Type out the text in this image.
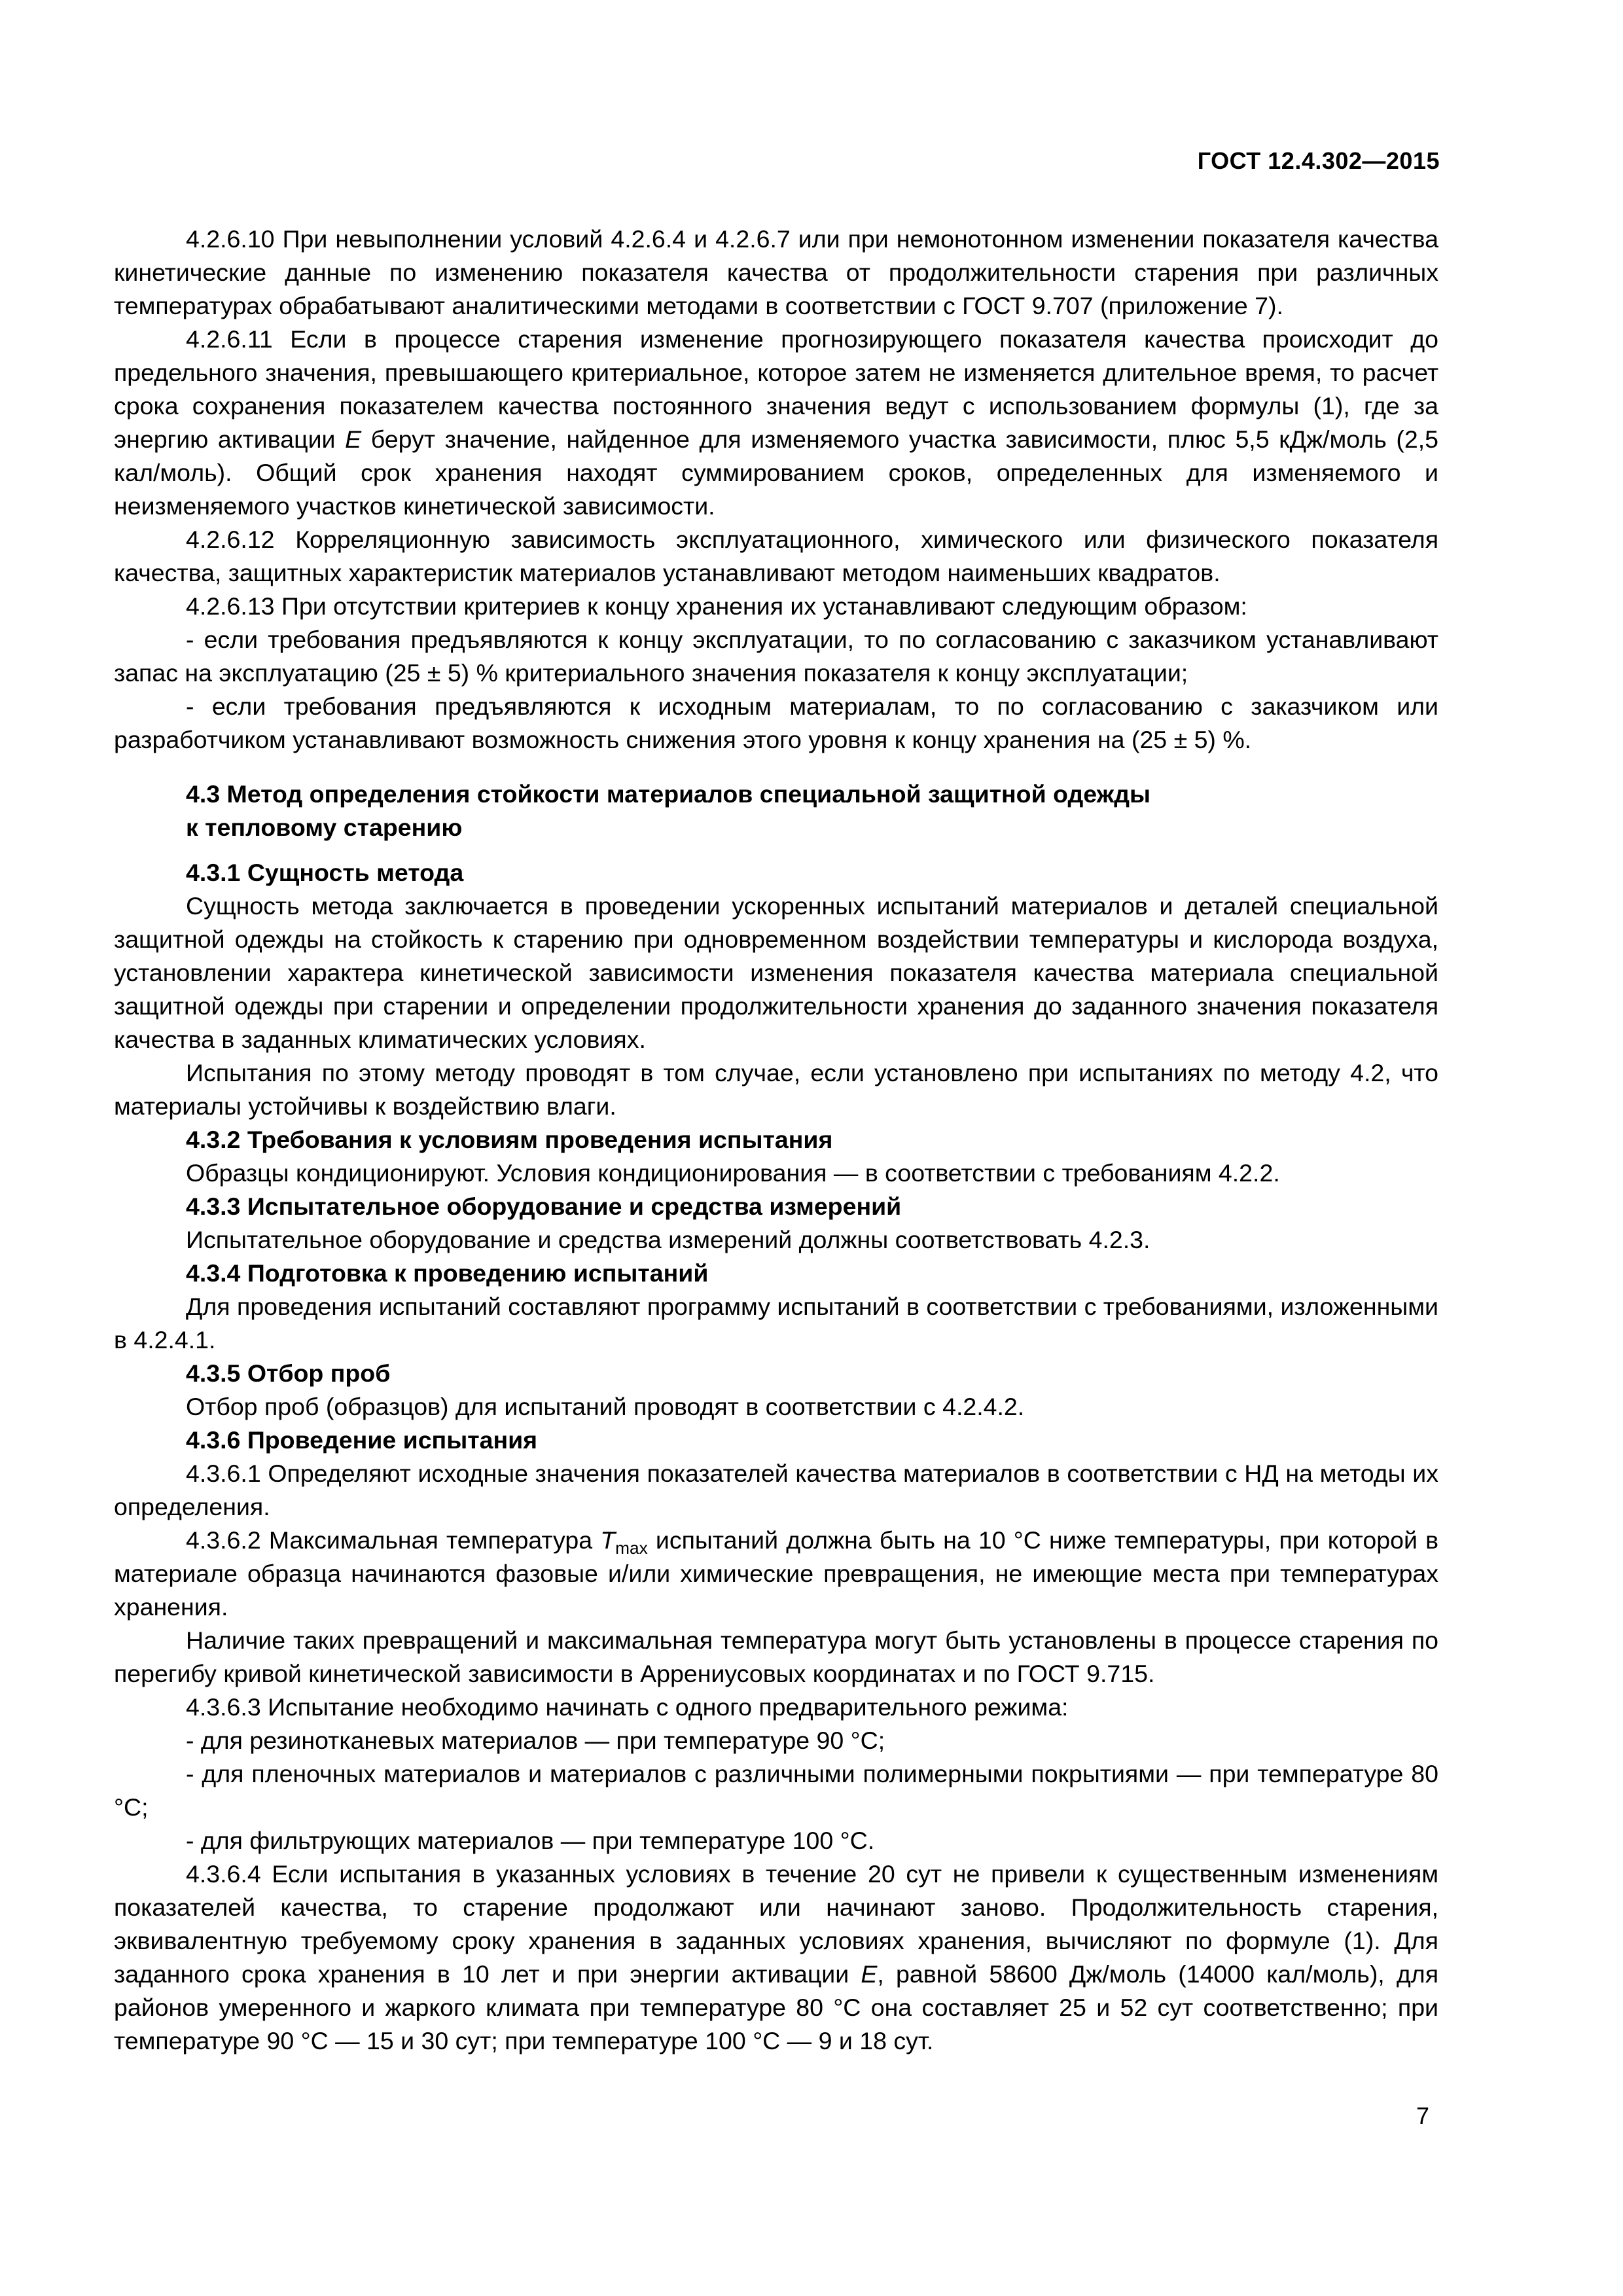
ГОСТ 12.4.302—2015

4.2.6.10 При невыполнении условий 4.2.6.4 и 4.2.6.7 или при немонотонном изменении показателя качества кинетические данные по изменению показателя качества от продолжительности старения при различных температурах обрабатывают аналитическими методами в соответствии с ГОСТ 9.707 (приложение 7).

4.2.6.11 Если в процессе старения изменение прогнозирующего показателя качества происходит до предельного значения, превышающего критериальное, которое затем не изменяется длительное время, то расчет срока сохранения показателем качества постоянного значения ведут с использованием формулы (1), где за энергию активации E берут значение, найденное для изменяемого участка зависимости, плюс 5,5 кДж/моль (2,5 кал/моль). Общий срок хранения находят суммированием сроков, определенных для изменяемого и неизменяемого участков кинетической зависимости.

4.2.6.12 Корреляционную зависимость эксплуатационного, химического или физического показателя качества, защитных характеристик материалов устанавливают методом наименьших квадратов.

4.2.6.13 При отсутствии критериев к концу хранения их устанавливают следующим образом:

- если требования предъявляются к концу эксплуатации, то по согласованию с заказчиком устанавливают запас на эксплуатацию (25 ± 5) % критериального значения показателя к концу эксплуатации;

- если требования предъявляются к исходным материалам, то по согласованию с заказчиком или разработчиком устанавливают возможность снижения этого уровня к концу хранения на (25 ± 5) %.

4.3 Метод определения стойкости материалов специальной защитной одежды
к тепловому старению
4.3.1 Сущность метода

Сущность метода заключается в проведении ускоренных испытаний материалов и деталей специальной защитной одежды на стойкость к старению при одновременном воздействии температуры и кислорода воздуха, установлении характера кинетической зависимости изменения показателя качества материала специальной защитной одежды при старении и определении продолжительности хранения до заданного значения показателя качества в заданных климатических условиях.

Испытания по этому методу проводят в том случае, если установлено при испытаниях по методу 4.2, что материалы устойчивы к воздействию влаги.

4.3.2 Требования к условиям проведения испытания

Образцы кондиционируют. Условия кондиционирования — в соответствии с требованиям 4.2.2.

4.3.3 Испытательное оборудование и средства измерений

Испытательное оборудование и средства измерений должны соответствовать 4.2.3.

4.3.4 Подготовка к проведению испытаний

Для проведения испытаний составляют программу испытаний в соответствии с требованиями, изложенными в 4.2.4.1.

4.3.5 Отбор проб

Отбор проб (образцов) для испытаний проводят в соответствии с 4.2.4.2.

4.3.6 Проведение испытания

4.3.6.1 Определяют исходные значения показателей качества материалов в соответствии с НД на методы их определения.

4.3.6.2 Максимальная температура $T_{max}$ испытаний должна быть на 10 °С ниже температуры, при которой в материале образца начинаются фазовые и/или химические превращения, не имеющие места при температурах хранения.

Наличие таких превращений и максимальная температура могут быть установлены в процессе старения по перегибу кривой кинетической зависимости в Аррениусовых координатах и по ГОСТ 9.715.

4.3.6.3 Испытание необходимо начинать с одного предварительного режима:

- для резинотканевых материалов — при температуре 90 °С;

- для пленочных материалов и материалов с различными полимерными покрытиями — при температуре 80 °С;

- для фильтрующих материалов — при температуре 100 °С.

4.3.6.4 Если испытания в указанных условиях в течение 20 сут не привели к существенным изменениям показателей качества, то старение продолжают или начинают заново. Продолжительность старения, эквивалентную требуемому сроку хранения в заданных условиях хранения, вычисляют по формуле (1). Для заданного срока хранения в 10 лет и при энергии активации E, равной 58600 Дж/моль (14000 кал/моль), для районов умеренного и жаркого климата при температуре 80 °С она составляет 25 и 52 сут соответственно; при температуре 90 °С — 15 и 30 сут; при температуре 100 °С — 9 и 18 сут.

7
